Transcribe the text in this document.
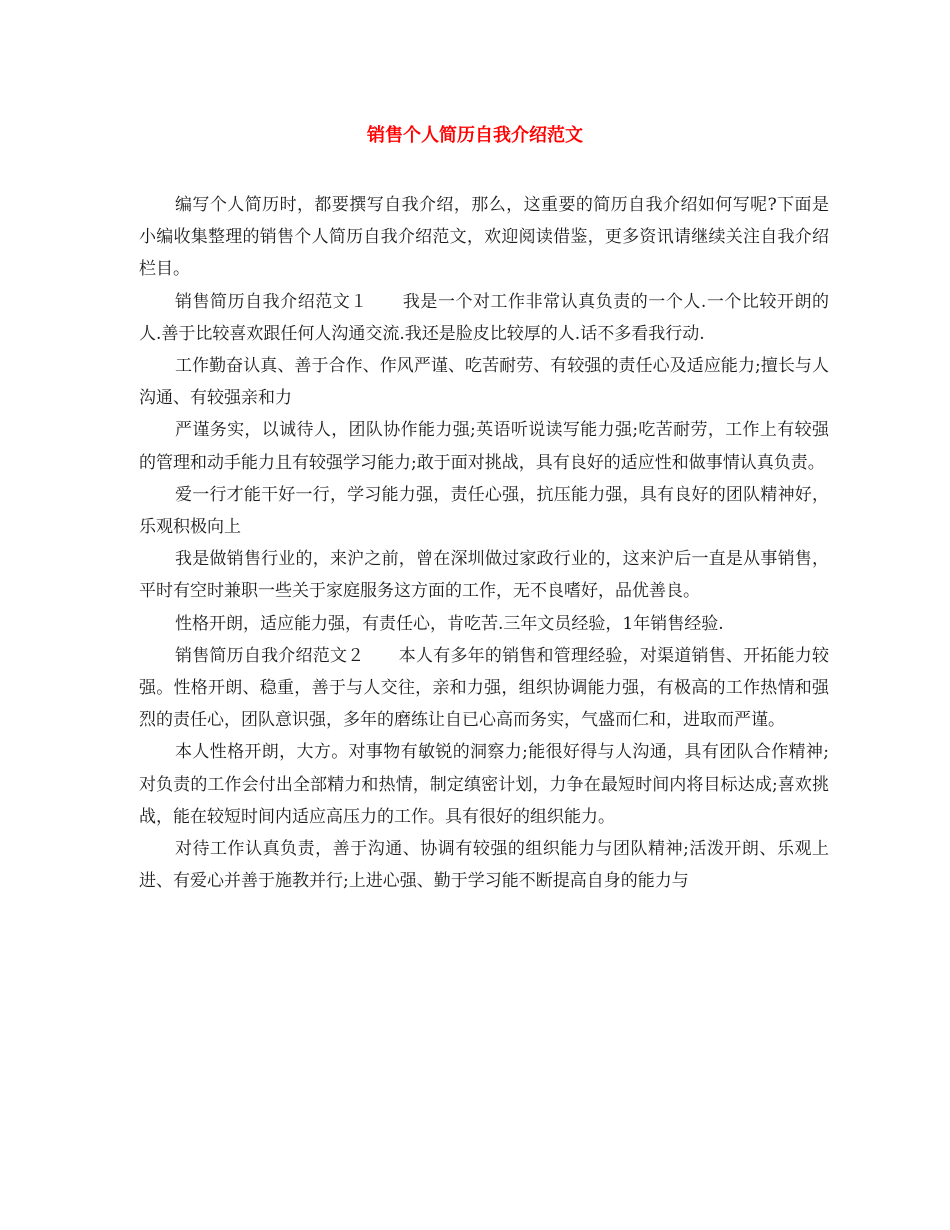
销售个人简历自我介绍范文

编写个人简历时，都要撰写自我介绍，那么，这重要的简历自我介绍如何写呢?下面是小编收集整理的销售个人简历自我介绍范文，欢迎阅读借鉴，更多资讯请继续关注自我介绍栏目。

销售简历自我介绍范文１　　我是一个对工作非常认真负责的一个人.一个比较开朗的人.善于比较喜欢跟任何人沟通交流.我还是脸皮比较厚的人.话不多看我行动.

工作勤奋认真、善于合作、作风严谨、吃苦耐劳、有较强的责任心及适应能力;擅长与人沟通、有较强亲和力

严谨务实，以诚待人，团队协作能力强;英语听说读写能力强;吃苦耐劳，工作上有较强的管理和动手能力且有较强学习能力;敢于面对挑战，具有良好的适应性和做事情认真负责。

爱一行才能干好一行，学习能力强，责任心强，抗压能力强，具有良好的团队精神好，乐观积极向上

我是做销售行业的，来沪之前，曾在深圳做过家政行业的，这来沪后一直是从事销售，平时有空时兼职一些关于家庭服务这方面的工作，无不良嗜好，品优善良。

性格开朗，适应能力强，有责任心，肯吃苦.三年文员经验，1年销售经验.

销售简历自我介绍范文２　　本人有多年的销售和管理经验，对渠道销售、开拓能力较强。性格开朗、稳重，善于与人交往，亲和力强，组织协调能力强，有极高的工作热情和强烈的责任心，团队意识强，多年的磨练让自已心高而务实，气盛而仁和，进取而严谨。

本人性格开朗，大方。对事物有敏锐的洞察力;能很好得与人沟通，具有团队合作精神;对负责的工作会付出全部精力和热情，制定缜密计划，力争在最短时间内将目标达成;喜欢挑战，能在较短时间内适应高压力的工作。具有很好的组织能力。

对待工作认真负责，善于沟通、协调有较强的组织能力与团队精神;活泼开朗、乐观上进、有爱心并善于施教并行;上进心强、勤于学习能不断提高自身的能力与
